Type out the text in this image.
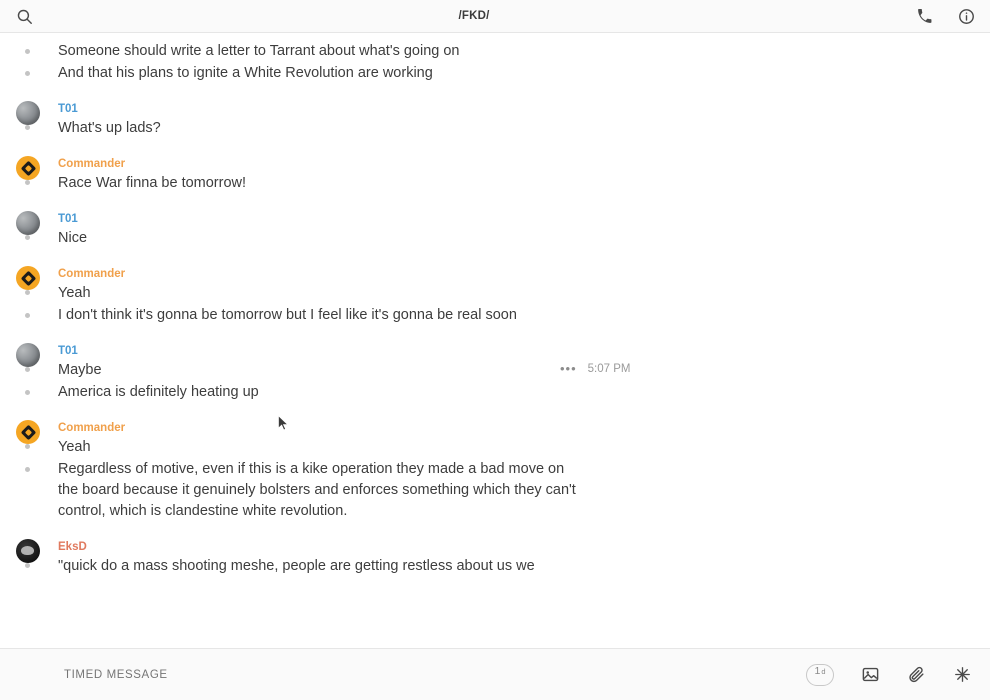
/FKD/
Someone should write a letter to Tarrant about what's going on
And that his plans to ignite a White Revolution are working
T01
What's up lads?
Commander
Race War finna be tomorrow!
T01
Nice
Commander
Yeah
I don't think it's gonna be tomorrow but I feel like it's gonna be real soon
T01
Maybe	••• 5:07 PM
America is definitely heating up
Commander
Yeah
Regardless of motive, even if this is a kike operation they made a bad move on the board because it genuinely bolsters and enforces something which they can't control, which is clandestine white revolution.
EksD
"quick do a mass shooting meshe, people are getting restless about us we
TIMED MESSAGE
1 d
